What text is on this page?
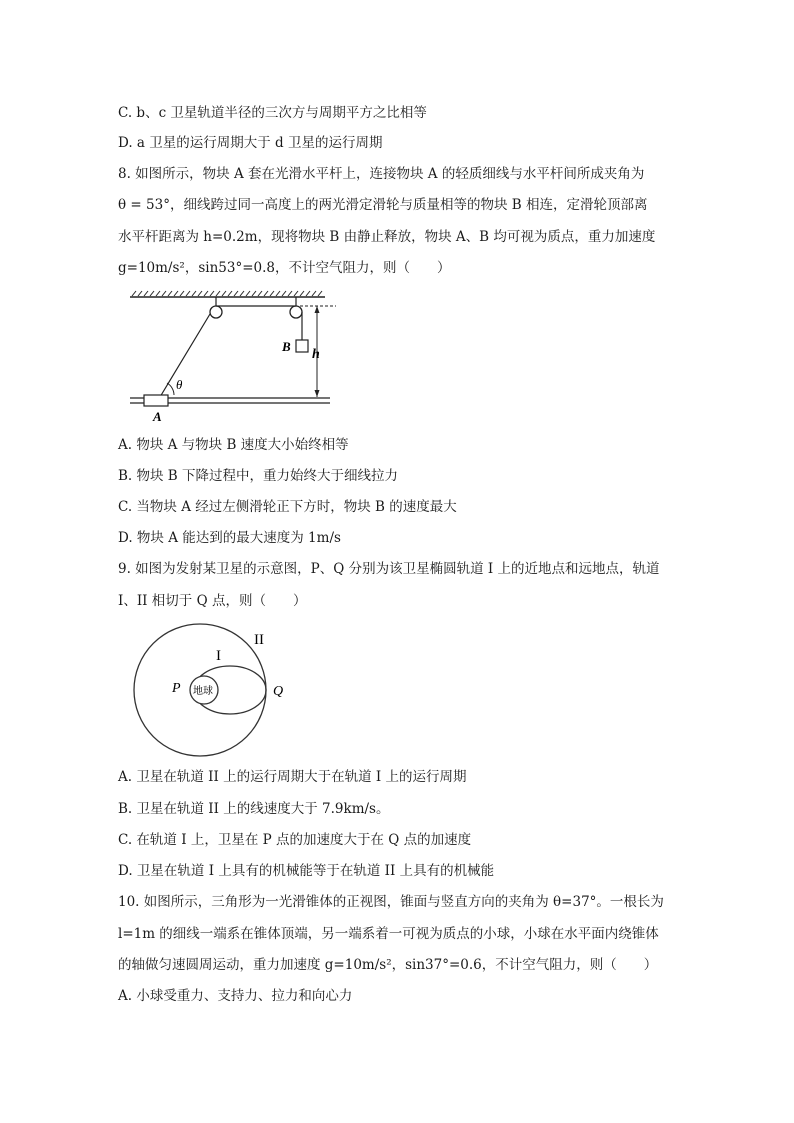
C. b、c 卫星轨道半径的三次方与周期平方之比相等
D. a 卫星的运行周期大于 d 卫星的运行周期
8. 如图所示，物块 A 套在光滑水平杆上，连接物块 A 的轻质细线与水平杆间所成夹角为
θ = 53°，细线跨过同一高度上的两光滑定滑轮与质量相等的物块 B 相连，定滑轮顶部离
水平杆距离为 h=0.2m，现将物块 B 由静止释放，物块 A、B 均可视为质点，重力加速度
g=10m/s²，sin53°=0.8，不计空气阻力，则（　　）
B
h
A
θ
A. 物块 A 与物块 B 速度大小始终相等
B. 物块 B 下降过程中，重力始终大于细线拉力
C. 当物块 A 经过左侧滑轮正下方时，物块 B 的速度最大
D. 物块 A 能达到的最大速度为 1m/s
9. 如图为发射某卫星的示意图，P、Q 分别为该卫星椭圆轨道 I 上的近地点和远地点，轨道
I、II 相切于 Q 点，则（　　）
地球
II
I
P	Q
A. 卫星在轨道 II 上的运行周期大于在轨道 I 上的运行周期
B. 卫星在轨道 II 上的线速度大于 7.9km/s。
C. 在轨道 I 上，卫星在 P 点的加速度大于在 Q 点的加速度
D. 卫星在轨道 I 上具有的机械能等于在轨道 II 上具有的机械能
10. 如图所示，三角形为一光滑锥体的正视图，锥面与竖直方向的夹角为 θ=37°。一根长为
l=1m 的细线一端系在锥体顶端，另一端系着一可视为质点的小球，小球在水平面内绕锥体
的轴做匀速圆周运动，重力加速度 g=10m/s²，sin37°=0.6，不计空气阻力，则（　　）
A. 小球受重力、支持力、拉力和向心力
